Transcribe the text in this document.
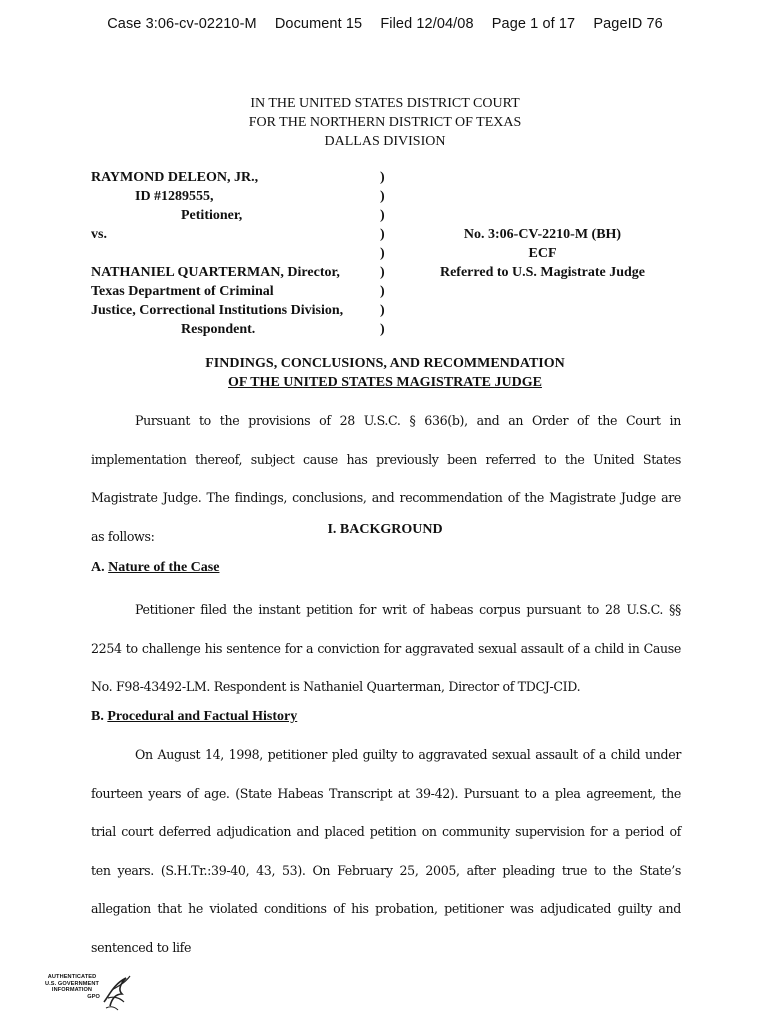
Case 3:06-cv-02210-M Document 15 Filed 12/04/08 Page 1 of 17 PageID 76
IN THE UNITED STATES DISTRICT COURT
FOR THE NORTHERN DISTRICT OF TEXAS
DALLAS DIVISION
RAYMOND DELEON, JR.,
ID #1289555,
Petitioner,
vs.

NATHANIEL QUARTERMAN, Director,
Texas Department of Criminal
Justice, Correctional Institutions Division,
Respondent.
)
)
)
)
)
)
)
)
)
No. 3:06-CV-2210-M (BH)
ECF
Referred to U.S. Magistrate Judge
FINDINGS, CONCLUSIONS, AND RECOMMENDATION
OF THE UNITED STATES MAGISTRATE JUDGE

Pursuant to the provisions of 28 U.S.C. § 636(b), and an Order of the Court in implementation thereof, subject cause has previously been referred to the United States Magistrate Judge. The findings, conclusions, and recommendation of the Magistrate Judge are as follows:	I. BACKGROUND
A. Nature of the Case

Petitioner filed the instant petition for writ of habeas corpus pursuant to 28 U.S.C. §§ 2254 to challenge his sentence for a conviction for aggravated sexual assault of a child in Cause No. F98-43492-LM. Respondent is Nathaniel Quarterman, Director of TDCJ-CID.

B. Procedural and Factual History

On August 14, 1998, petitioner pled guilty to aggravated sexual assault of a child under fourteen years of age. (State Habeas Transcript at 39-42). Pursuant to a plea agreement, the trial court deferred adjudication and placed petition on community supervision for a period of ten years. (S.H.Tr.:39-40, 43, 53). On February 25, 2005, after pleading true to the State’s allegation that he violated conditions of his probation, petitioner was adjudicated guilty and sentenced to life

AUTHENTICATED
U.S. GOVERNMENT
INFORMATION
GPO
